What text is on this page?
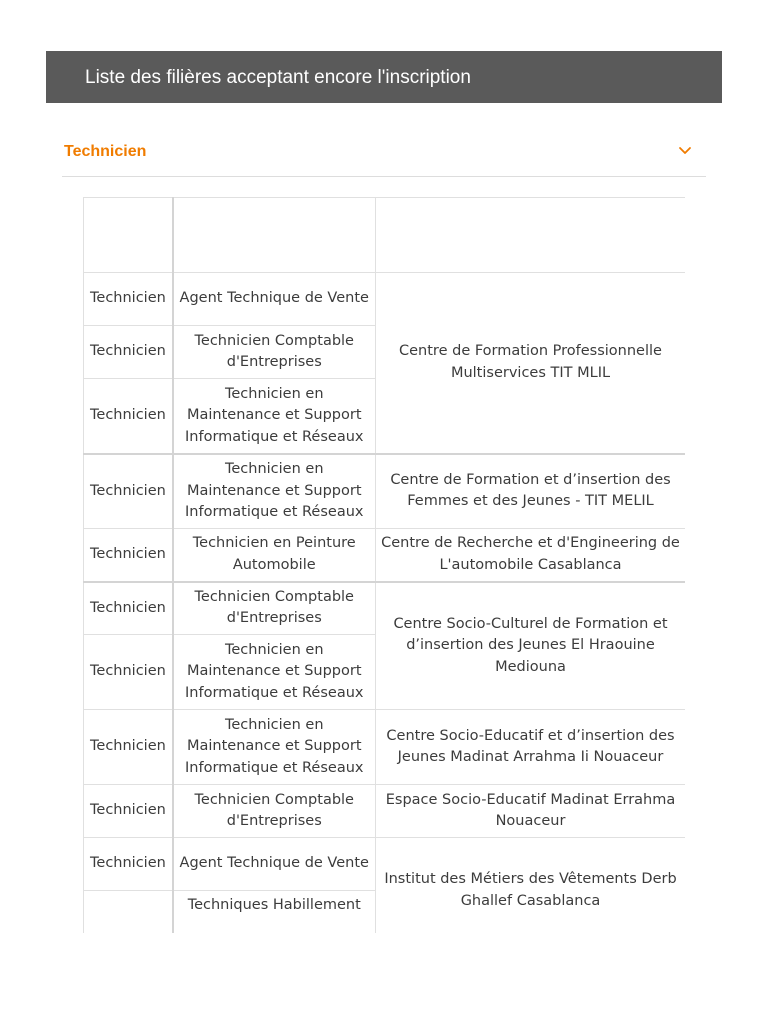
Liste des filières acceptant encore l'inscription
Technicien

Technicien	Agent Technique de Vente	Centre de Formation Professionnelle Multiservices TIT MLIL
Technicien	Technicien Comptable d'Entreprises	
Technicien	Technicien en Maintenance et Support Informatique et Réseaux	
Technicien	Technicien en Maintenance et Support Informatique et Réseaux	Centre de Formation et d’insertion des Femmes et des Jeunes - TIT MELIL
Technicien	Technicien en Peinture Automobile	Centre de Recherche et d'Engineering de L'automobile Casablanca
Technicien	Technicien Comptable d'Entreprises	Centre Socio-Culturel de Formation et d’insertion des Jeunes El Hraouine Mediouna
Technicien	Technicien en Maintenance et Support Informatique et Réseaux	
Technicien	Technicien en Maintenance et Support Informatique et Réseaux	Centre Socio-Educatif et d’insertion des Jeunes Madinat Arrahma Ii Nouaceur
Technicien	Technicien Comptable d'Entreprises	Espace Socio-Educatif Madinat Errahma Nouaceur
Technicien	Agent Technique de Vente	Institut des Métiers des Vêtements Derb Ghallef Casablanca
	Techniques Habillement	
